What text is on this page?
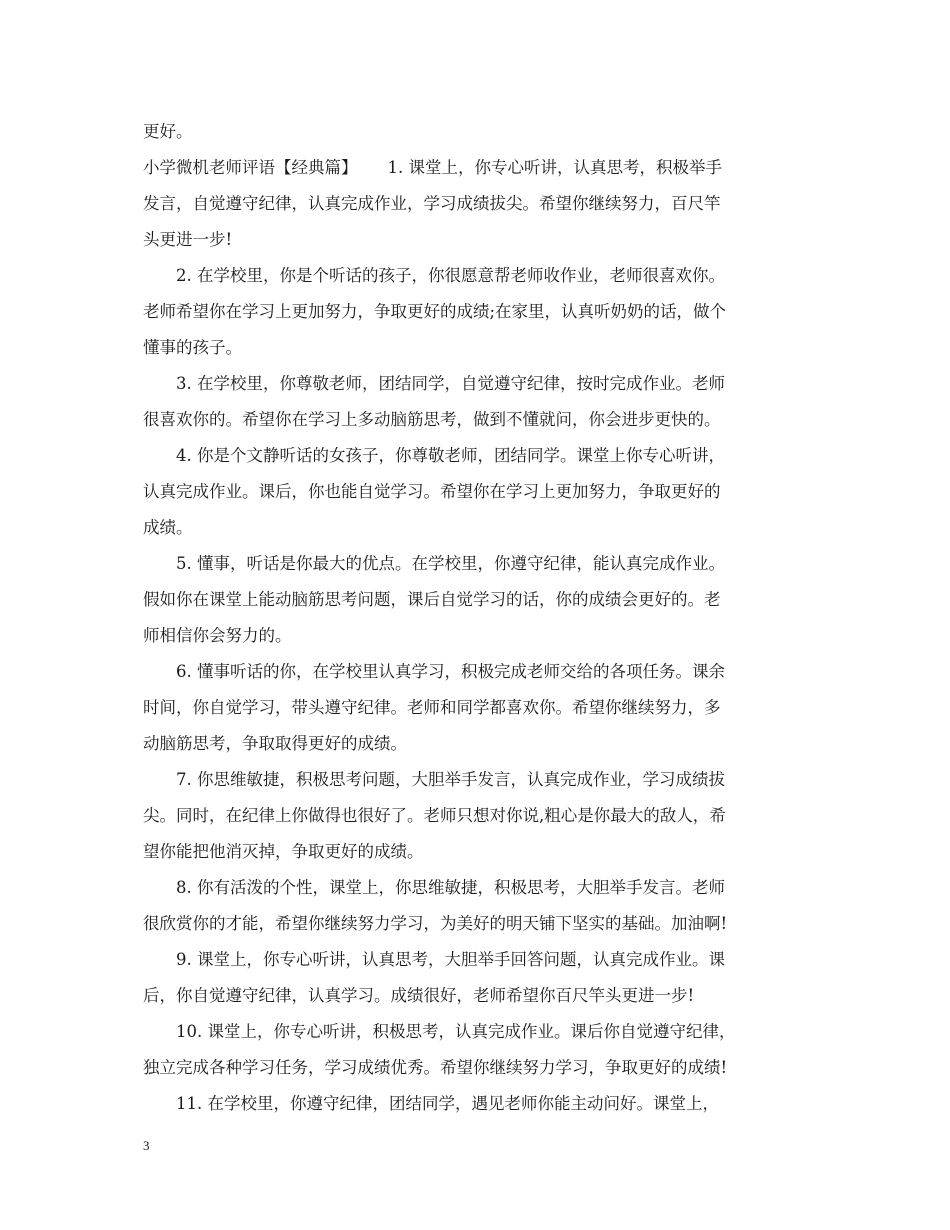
更好。
小学微机老师评语【经典篇】　　 1. 课堂上，你专心听讲，认真思考，积极举手
发言，自觉遵守纪律，认真完成作业，学习成绩拔尖。希望你继续努力，百尺竿
头更进一步!
2. 在学校里，你是个听话的孩子，你很愿意帮老师收作业，老师很喜欢你。
老师希望你在学习上更加努力，争取更好的成绩;在家里，认真听奶奶的话，做个
懂事的孩子。
3. 在学校里，你尊敬老师，团结同学，自觉遵守纪律，按时完成作业。老师
很喜欢你的。希望你在学习上多动脑筋思考，做到不懂就问，你会进步更快的。
4. 你是个文静听话的女孩子，你尊敬老师，团结同学。课堂上你专心听讲，
认真完成作业。课后，你也能自觉学习。希望你在学习上更加努力，争取更好的
成绩。
5. 懂事，听话是你最大的优点。在学校里，你遵守纪律，能认真完成作业。
假如你在课堂上能动脑筋思考问题，课后自觉学习的话，你的成绩会更好的。老
师相信你会努力的。
6. 懂事听话的你，在学校里认真学习，积极完成老师交给的各项任务。课余
时间，你自觉学习，带头遵守纪律。老师和同学都喜欢你。希望你继续努力，多
动脑筋思考，争取取得更好的成绩。
7. 你思维敏捷，积极思考问题，大胆举手发言，认真完成作业，学习成绩拔
尖。同时，在纪律上你做得也很好了。老师只想对你说,粗心是你最大的敌人，希
望你能把他消灭掉，争取更好的成绩。
8. 你有活泼的个性，课堂上，你思维敏捷，积极思考，大胆举手发言。老师
很欣赏你的才能，希望你继续努力学习，为美好的明天铺下坚实的基础。加油啊!
9. 课堂上，你专心听讲，认真思考，大胆举手回答问题，认真完成作业。课
后，你自觉遵守纪律，认真学习。成绩很好，老师希望你百尺竿头更进一步!
10. 课堂上，你专心听讲，积极思考，认真完成作业。课后你自觉遵守纪律，
独立完成各种学习任务，学习成绩优秀。希望你继续努力学习，争取更好的成绩!
11. 在学校里，你遵守纪律，团结同学，遇见老师你能主动问好。课堂上，
3
